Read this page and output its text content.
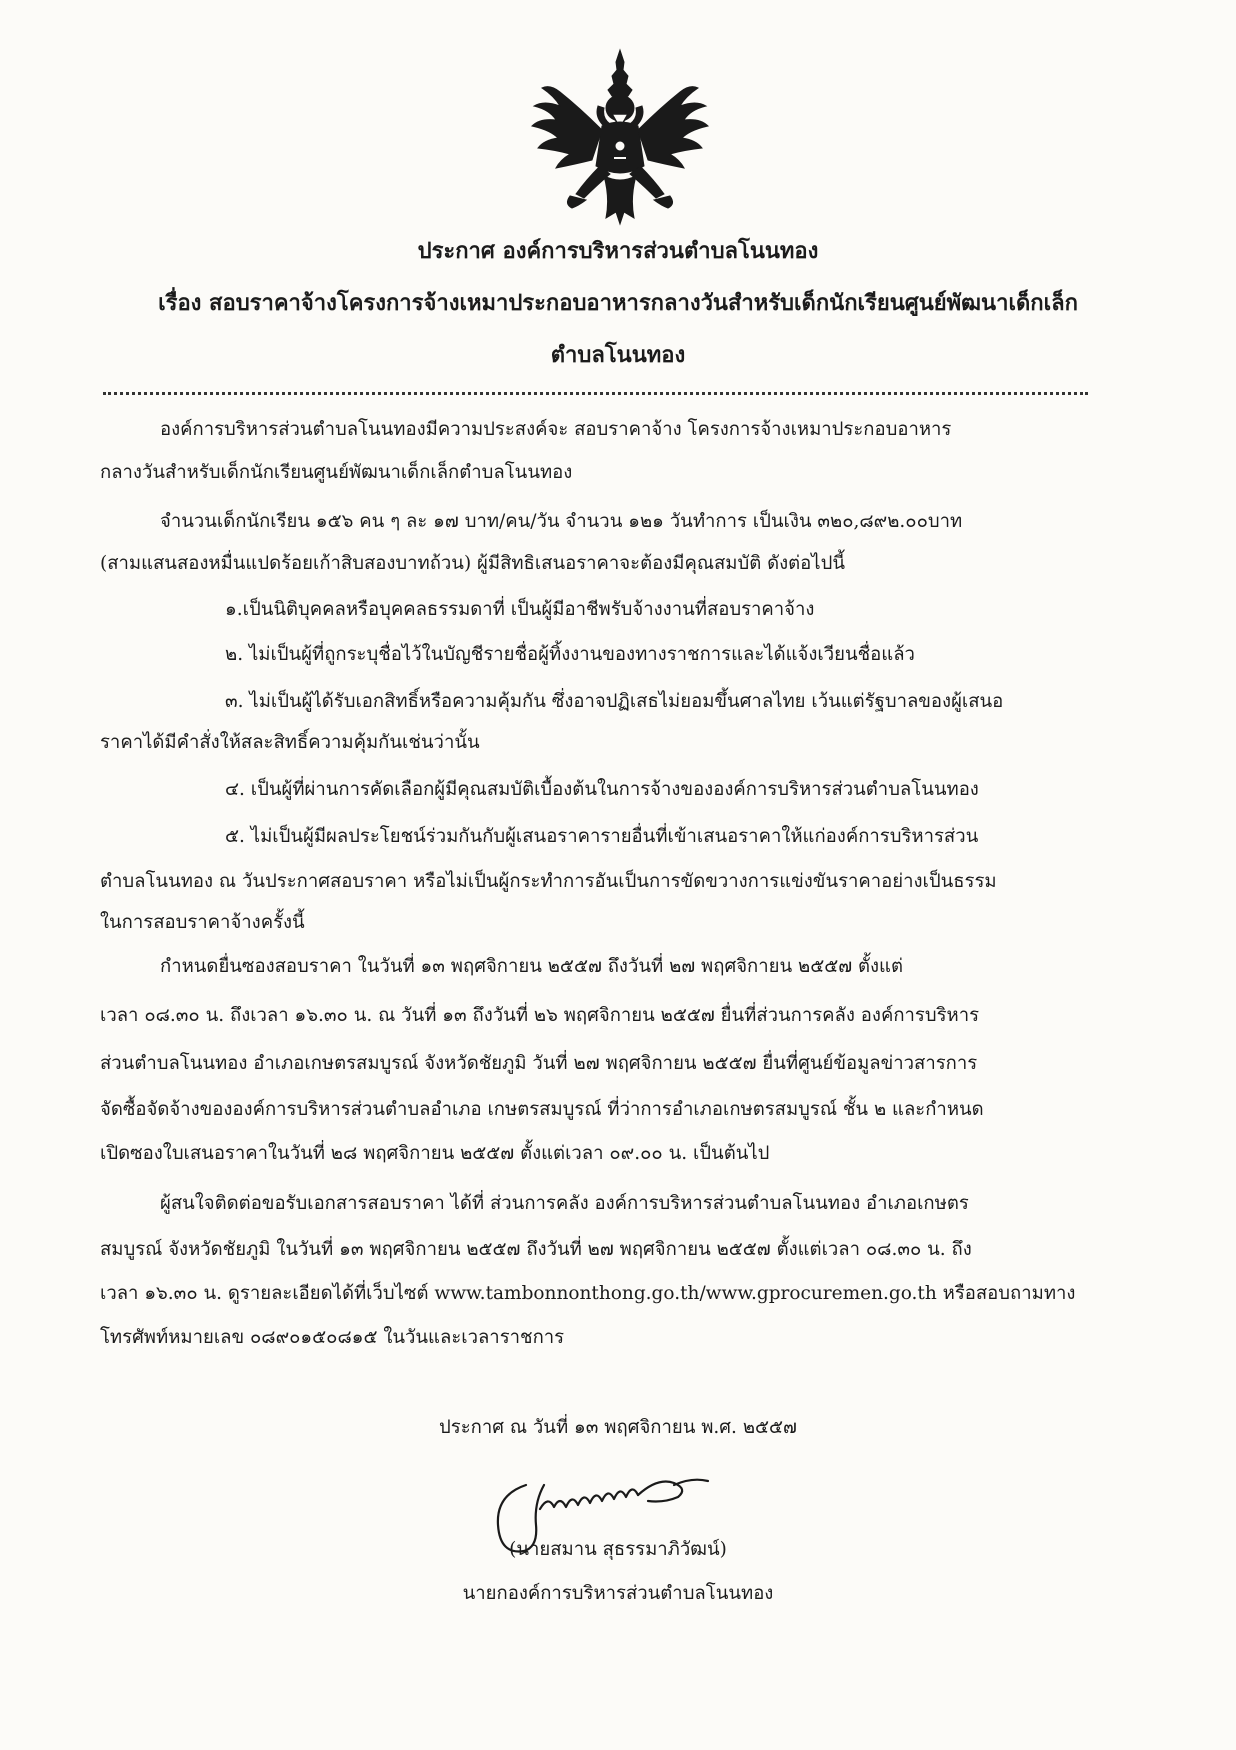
ประกาศ องค์การบริหารส่วนตำบลโนนทอง
เรื่อง สอบราคาจ้างโครงการจ้างเหมาประกอบอาหารกลางวันสำหรับเด็กนักเรียนศูนย์พัฒนาเด็กเล็ก
ตำบลโนนทอง
องค์การบริหารส่วนตำบลโนนทองมีความประสงค์จะ สอบราคาจ้าง โครงการจ้างเหมาประกอบอาหาร
กลางวันสำหรับเด็กนักเรียนศูนย์พัฒนาเด็กเล็กตำบลโนนทอง
จำนวนเด็กนักเรียน ๑๕๖ คน ๆ ละ ๑๗ บาท/คน/วัน จำนวน ๑๒๑ วันทำการ เป็นเงิน ๓๒๐,๘๙๒.๐๐บาท
(สามแสนสองหมื่นแปดร้อยเก้าสิบสองบาทถ้วน) ผู้มีสิทธิเสนอราคาจะต้องมีคุณสมบัติ ดังต่อไปนี้
๑.เป็นนิติบุคคลหรือบุคคลธรรมดาที่ เป็นผู้มีอาชีพรับจ้างงานที่สอบราคาจ้าง
๒. ไม่เป็นผู้ที่ถูกระบุชื่อไว้ในบัญชีรายชื่อผู้ทิ้งงานของทางราชการและได้แจ้งเวียนชื่อแล้ว
๓. ไม่เป็นผู้ได้รับเอกสิทธิ์หรือความคุ้มกัน ซึ่งอาจปฏิเสธไม่ยอมขึ้นศาลไทย เว้นแต่รัฐบาลของผู้เสนอ
ราคาได้มีคำสั่งให้สละสิทธิ์ความคุ้มกันเช่นว่านั้น
๔. เป็นผู้ที่ผ่านการคัดเลือกผู้มีคุณสมบัติเบื้องต้นในการจ้างขององค์การบริหารส่วนตำบลโนนทอง
๕. ไม่เป็นผู้มีผลประโยชน์ร่วมกันกับผู้เสนอราคารายอื่นที่เข้าเสนอราคาให้แก่องค์การบริหารส่วน
ตำบลโนนทอง ณ วันประกาศสอบราคา หรือไม่เป็นผู้กระทำการอันเป็นการขัดขวางการแข่งขันราคาอย่างเป็นธรรม
ในการสอบราคาจ้างครั้งนี้
กำหนดยื่นซองสอบราคา ในวันที่ ๑๓ พฤศจิกายน ๒๕๕๗ ถึงวันที่ ๒๗ พฤศจิกายน ๒๕๕๗ ตั้งแต่
เวลา ๐๘.๓๐ น. ถึงเวลา ๑๖.๓๐ น. ณ วันที่ ๑๓ ถึงวันที่ ๒๖ พฤศจิกายน ๒๕๕๗ ยื่นที่ส่วนการคลัง องค์การบริหาร
ส่วนตำบลโนนทอง อำเภอเกษตรสมบูรณ์ จังหวัดชัยภูมิ วันที่ ๒๗ พฤศจิกายน ๒๕๕๗ ยื่นที่ศูนย์ข้อมูลข่าวสารการ
จัดซื้อจัดจ้างขององค์การบริหารส่วนตำบลอำเภอ เกษตรสมบูรณ์ ที่ว่าการอำเภอเกษตรสมบูรณ์ ชั้น ๒ และกำหนด
เปิดซองใบเสนอราคาในวันที่ ๒๘ พฤศจิกายน ๒๕๕๗ ตั้งแต่เวลา ๐๙.๐๐ น. เป็นต้นไป
ผู้สนใจติดต่อขอรับเอกสารสอบราคา ได้ที่ ส่วนการคลัง องค์การบริหารส่วนตำบลโนนทอง อำเภอเกษตร
สมบูรณ์ จังหวัดชัยภูมิ ในวันที่ ๑๓ พฤศจิกายน ๒๕๕๗ ถึงวันที่ ๒๗ พฤศจิกายน ๒๕๕๗ ตั้งแต่เวลา ๐๘.๓๐ น. ถึง
เวลา ๑๖.๓๐ น. ดูรายละเอียดได้ที่เว็บไซต์ www.tambonnonthong.go.th/www.gprocuremen.go.th หรือสอบถามทาง
โทรศัพท์หมายเลข ๐๘๙๐๑๕๐๘๑๕ ในวันและเวลาราชการ
ประกาศ ณ วันที่ ๑๓ พฤศจิกายน พ.ศ. ๒๕๕๗
(นายสมาน สุธรรมาภิวัฒน์)
นายกองค์การบริหารส่วนตำบลโนนทอง
